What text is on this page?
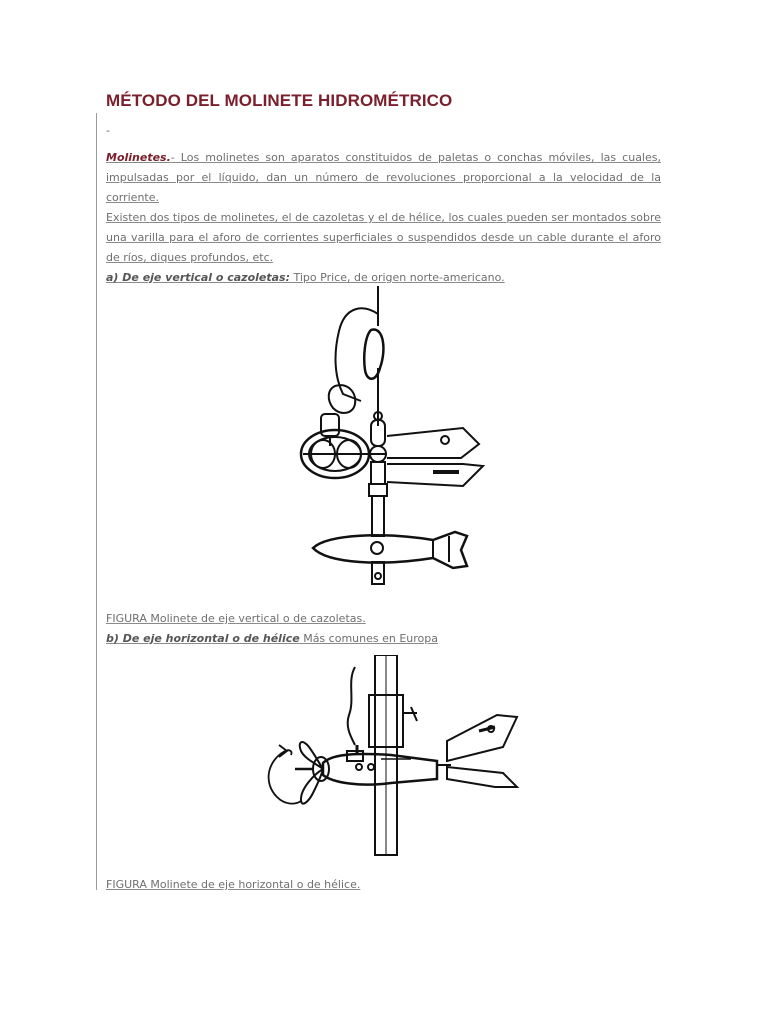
MÉTODO DEL MOLINETE HIDROMÉTRICO
-
Molinetes.- Los molinetes son aparatos constituidos de paletas o conchas móviles, las cuales, impulsadas por el líquido, dan un número de revoluciones proporcional a la velocidad de la corriente.
Existen dos tipos de molinetes, el de cazoletas y el de hélice, los cuales pueden ser montados sobre una varilla para el aforo de corrientes superficiales o suspendidos desde un cable durante el aforo de ríos, diques profundos, etc.
a) De eje vertical o cazoletas: Tipo Price, de origen norte-americano.
FIGURA Molinete de eje vertical o de cazoletas.
b) De eje horizontal o de hélice Más comunes en Europa
FIGURA Molinete de eje horizontal o de hélice.
